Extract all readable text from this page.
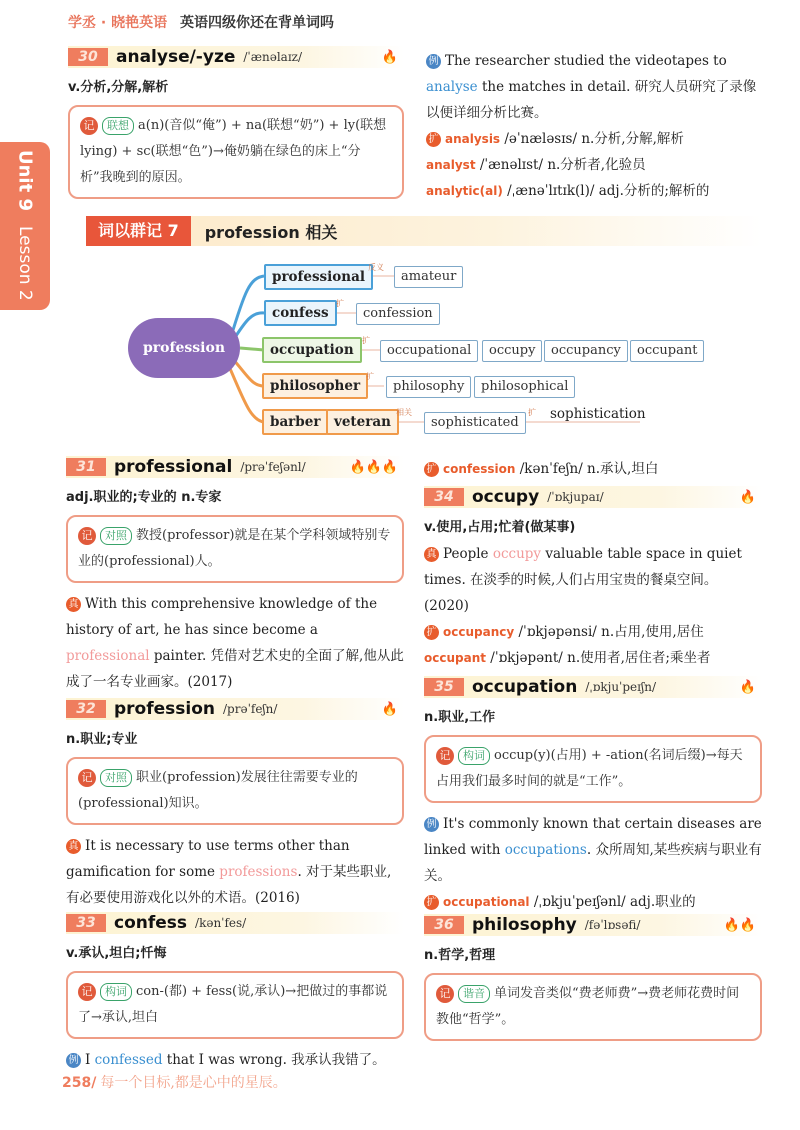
学丞 · 晓艳英语 英语四级你还在背单词吗
Unit 9
Lesson 2
30	analyse/-yze /ˈænəlaɪz/	🔥
v.分析,分解,解析
记 联想 a(n)(音似“俺”) + na(联想“奶”) + ly(联想 lying) + sc(联想“色”)→俺奶躺在绿色的床上“分析”我晚到的原因。
例 The researcher studied the videotapes to analyse the matches in detail. 研究人员研究了录像以便详细分析比赛。
扩 analysis /əˈnæləsɪs/ n.分析,分解,解析
analyst /ˈænəlɪst/ n.分析者,化验员
analytic(al) /ˌænəˈlɪtɪk(l)/ adj.分析的;解析的
词以群记 7	profession 相关
profession
professional
反义
amateur
confess
扩
confession
occupation
扩
occupational	occupy	occupancy	occupant
philosopher
扩
philosophy	philosophical
barber	veteran
相关
sophisticated
扩 sophistication
31	professional /prəˈfeʃənl/	🔥🔥🔥
adj.职业的;专业的 n.专家
记 对照 教授(professor)就是在某个学科领域特别专业的(professional)人。
真 With this comprehensive knowledge of the history of art, he has since become a professional painter. 凭借对艺术史的全面了解,他从此成了一名专业画家。(2017)
32	profession /prəˈfeʃn/	🔥
n.职业;专业
记 对照 职业(profession)发展往往需要专业的(professional)知识。
真 It is necessary to use terms other than gamification for some professions. 对于某些职业,有必要使用游戏化以外的术语。(2016)
33	confess /kənˈfes/
v.承认,坦白;忏悔
记 构词 con-(都) + fess(说,承认)→把做过的事都说了→承认,坦白
例 I confessed that I was wrong. 我承认我错了。
扩 confession /kənˈfeʃn/ n.承认,坦白
34	occupy /ˈɒkjupaɪ/	🔥
v.使用,占用;忙着(做某事)
真 People occupy valuable table space in quiet times. 在淡季的时候,人们占用宝贵的餐桌空间。(2020)
扩 occupancy /ˈɒkjəpənsi/ n.占用,使用,居住
occupant /ˈɒkjəpənt/ n.使用者,居住者;乘坐者
35	occupation /ˌɒkjuˈpeɪʃn/	🔥
n.职业,工作
记 构词 occup(y)(占用) + -ation(名词后缀)→每天占用我们最多时间的就是“工作”。
例 It's commonly known that certain diseases are linked with occupations. 众所周知,某些疾病与职业有关。
扩 occupational /ˌɒkjuˈpeɪʃənl/ adj.职业的
36	philosophy /fəˈlɒsəfi/	🔥🔥
n.哲学,哲理
记 谐音 单词发音类似“费老师费”→费老师花费时间教他“哲学”。
258/ 每一个目标,都是心中的星辰。
